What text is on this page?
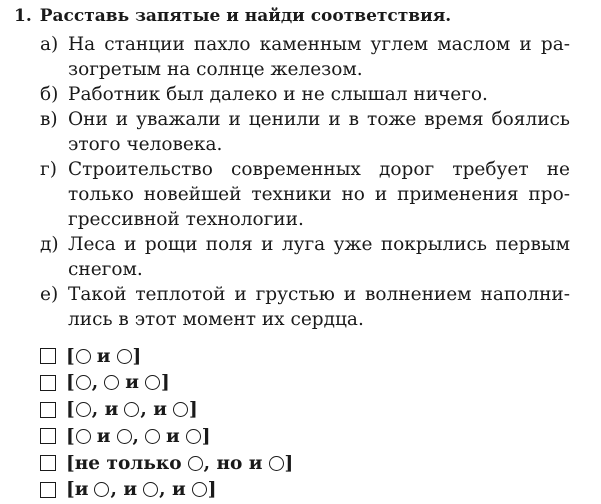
1. Расставь запятые и найди соответствия.
а) На станции пахло каменным углем маслом и ра-зогретым на солнце железом.
б) Работник был далеко и не слышал ничего.
в) Они и уважали и ценили и в тоже время боялись этого человека.
г) Строительство современных дорог требует не только новейшей техники но и применения про-грессивной технологии.
д) Леса и рощи поля и луга уже покрылись первым снегом.
е) Такой теплотой и грустью и волнением наполни-лись в этот момент их сердца.
[ и ]
[ , и ]
[ , и , и ]
[ и , и ]
[не только , но и ]
[и , и , и ]
